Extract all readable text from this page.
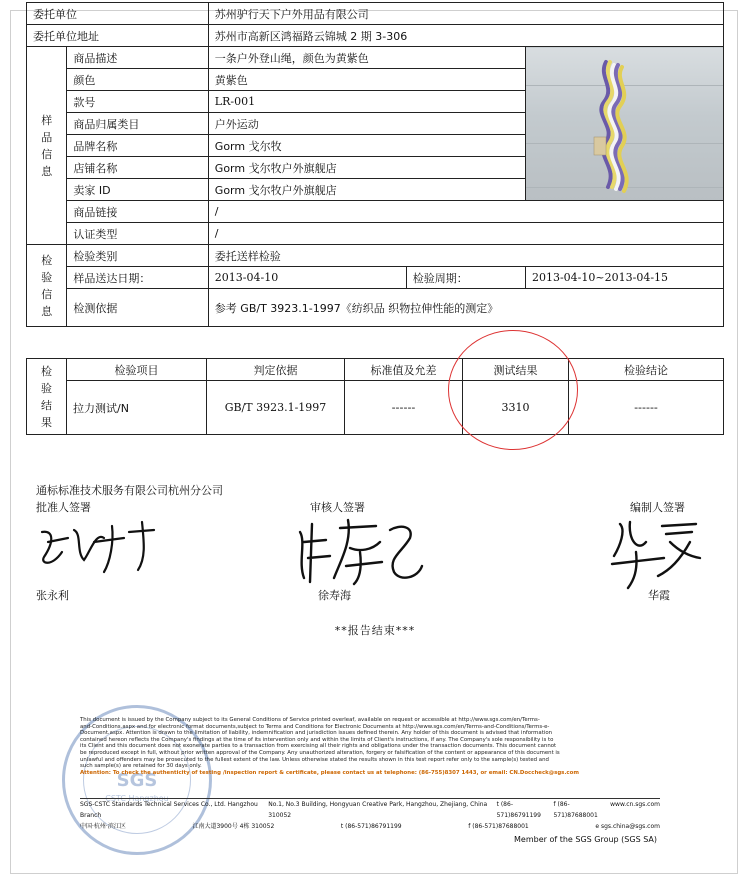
委托单位		苏州驴行天下户外用品有限公司		
委托单位地址		苏州市高新区鸿福路云锦城 2 期 3-306		
样品信息	商品描述	一条户外登山绳，颜色为黄紫色	

	颜色	黄紫色		
	款号	LR-001		
	商品归属类目	户外运动		
	品牌名称	Gorm 戈尔牧		
	店铺名称	Gorm 戈尔牧户外旗舰店		
	卖家 ID	Gorm 戈尔牧户外旗舰店		
	商品链接	/		
	认证类型	/		
检验信息	检验类别	委托送样检验		
	样品送达日期：	2013-04-10	检验周期：	2013-04-10~2013-04-15
	检测依据	参考 GB/T 3923.1-1997《纺织品 织物拉伸性能的测定》		
检验结果	检验项目	判定依据	标准值及允差	测试结果	检验结论
	拉力测试/N	GB/T 3923.1-1997	------	3310	------
通标标准技术服务有限公司杭州分公司
批准人签署	审核人签署	编制人签署
张永利	徐寿海	华霞
**报告结束***
SGS
This document is issued by the Company subject to its General Conditions of Service printed overleaf, available on request or accessible at http://www.sgs.com/en/Terms-
and-Conditions.aspx and for electronic format documents,subject to Terms and Conditions for Electronic Documents at http://www.sgs.com/en/Terms-and-Conditions/Terms-e-
Document.aspx. Attention is drawn to the limitation of liability, indemnification and jurisdiction issues defined therein. Any holder of this document is advised that information
contained hereon reflects the Company's findings at the time of its intervention only and within the limits of Client's instructions, if any. The Company's sole responsibility is to
its Client and this document does not exonerate parties to a transaction from exercising all their rights and obligations under the transaction documents. This document cannot
be reproduced except in full, without prior written approval of the Company. Any unauthorized alteration, forgery or falsification of the content or appearance of this document is
unlawful and offenders may be prosecuted to the fullest extent of the law. Unless otherwise stated the results shown in this test report refer only to the sample(s) tested and
such sample(s) are retained for 30 days only.
Attention: To check the authenticity of testing /inspection report & certificate, please contact us at telephone: (86-755)8307 1443, or email: CN.Doccheck@sgs.com
SGS-CSTC Standards Technical Services Co., Ltd. Hangzhou Branch
No.1, No.3 Building, Hongyuan Creative Park, Hangzhou, Zhejiang, China 310052
t (86-571)86791199
f (86-571)87688001
www.cn.sgs.com
中国·杭州·滨江区	江南大道3900号 4栋 310052	t (86-571)86791199	f (86-571)87688001	e sgs.china@sgs.com
Member of the SGS Group (SGS SA)
